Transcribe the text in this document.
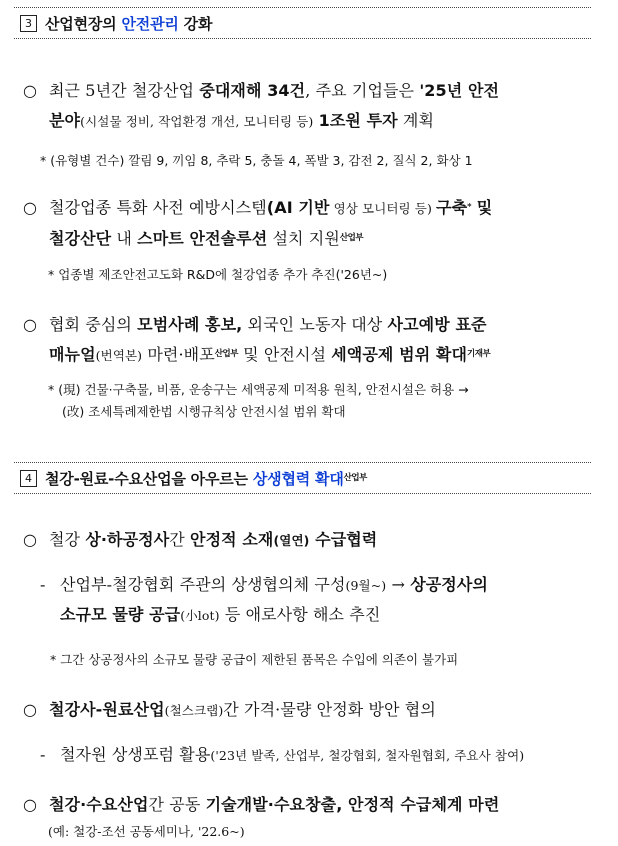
3 산업현장의 안전관리 강화
○ 최근 5년간 철강산업 중대재해 34건, 주요 기업들은 '25년 안전
분야(시설물 정비, 작업환경 개선, 모니터링 등) 1조원 투자 계획
* (유형별 건수) 깔림 9, 끼임 8, 추락 5, 충돌 4, 폭발 3, 감전 2, 질식 2, 화상 1
○ 철강업종 특화 사전 예방시스템(AI 기반 영상 모니터링 등) 구축* 및
철강산단 내 스마트 안전솔루션 설치 지원$^{산업부}$
* 업종별 제조안전고도화 R&D에 철강업종 추가 추진('26년~)
○ 협회 중심의 모범사례 홍보, 외국인 노동자 대상 사고예방 표준
매뉴얼(번역본) 마련·배포$^{산업부}$ 및 안전시설 세액공제 범위 확대$^{기재부}$
* (現) 건물·구축물, 비품, 운송구는 세액공제 미적용 원칙, 안전시설은 허용 →
(改) 조세특례제한법 시행규칙상 안전시설 범위 확대
4 철강-원료-수요산업을 아우르는 상생협력 확대$^{산업부}$
○ 철강 상·하공정사간 안정적 소재(열연) 수급협력
- 산업부-철강협회 주관의 상생협의체 구성(9월~) → 상공정사의
소규모 물량 공급(小lot) 등 애로사항 해소 추진
* 그간 상공정사의 소규모 물량 공급이 제한된 품목은 수입에 의존이 불가피
○ 철강사-원료산업(철스크랩)간 가격·물량 안정화 방안 협의
- 철자원 상생포럼 활용('23년 발족, 산업부, 철강협회, 철자원협회, 주요사 참여)
○ 철강·수요산업간 공동 기술개발·수요창출, 안정적 수급체계 마련
(예: 철강-조선 공동세미나, '22.6~)
